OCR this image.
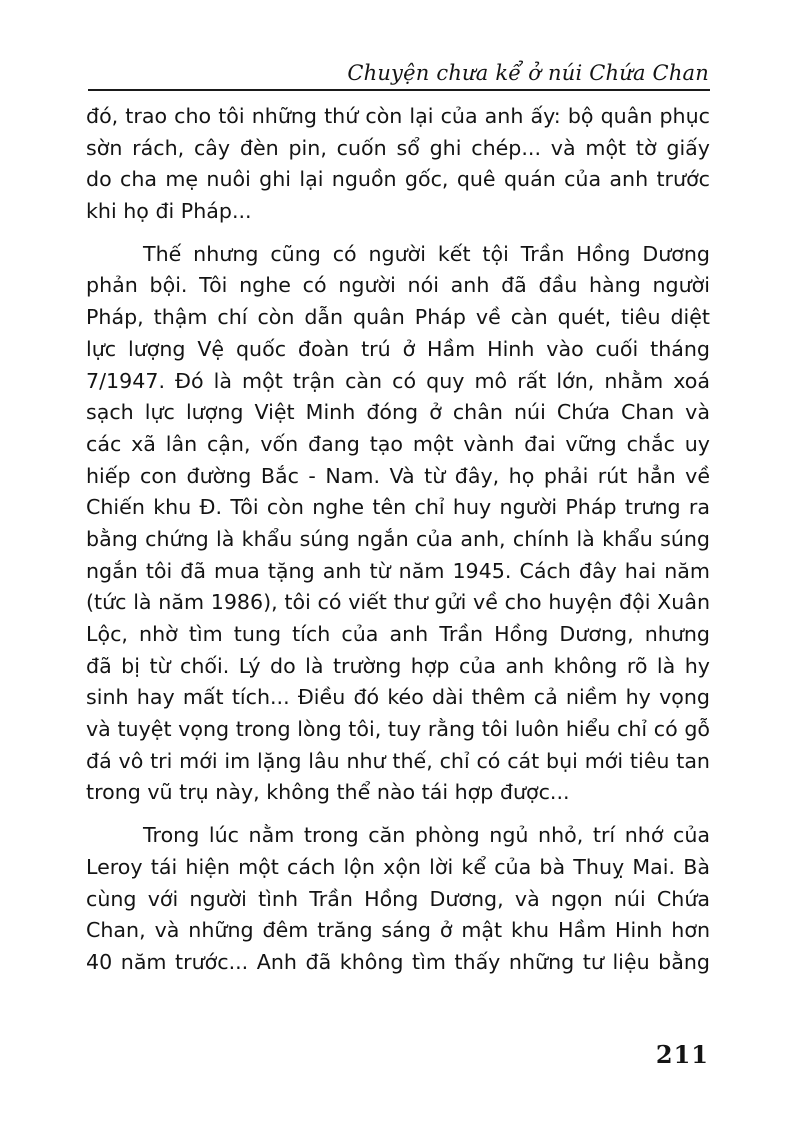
Chuyện chưa kể ở núi Chứa Chan
đó, trao cho tôi những thứ còn lại của anh ấy: bộ quân phục
sờn rách, cây đèn pin, cuốn sổ ghi chép... và một tờ giấy
do cha mẹ nuôi ghi lại nguồn gốc, quê quán của anh trước
khi họ đi Pháp...
Thế nhưng cũng có người kết tội Trần Hồng Dương
phản bội. Tôi nghe có người nói anh đã đầu hàng người
Pháp, thậm chí còn dẫn quân Pháp về càn quét, tiêu diệt
lực lượng Vệ quốc đoàn trú ở Hầm Hinh vào cuối tháng
7/1947. Đó là một trận càn có quy mô rất lớn, nhằm xoá
sạch lực lượng Việt Minh đóng ở chân núi Chứa Chan và
các xã lân cận, vốn đang tạo một vành đai vững chắc uy
hiếp con đường Bắc - Nam. Và từ đây, họ phải rút hẳn về
Chiến khu Đ. Tôi còn nghe tên chỉ huy người Pháp trưng ra
bằng chứng là khẩu súng ngắn của anh, chính là khẩu súng
ngắn tôi đã mua tặng anh từ năm 1945. Cách đây hai năm
(tức là năm 1986), tôi có viết thư gửi về cho huyện đội Xuân
Lộc, nhờ tìm tung tích của anh Trần Hồng Dương, nhưng
đã bị từ chối. Lý do là trường hợp của anh không rõ là hy
sinh hay mất tích... Điều đó kéo dài thêm cả niềm hy vọng
và tuyệt vọng trong lòng tôi, tuy rằng tôi luôn hiểu chỉ có gỗ
đá vô tri mới im lặng lâu như thế, chỉ có cát bụi mới tiêu tan
trong vũ trụ này, không thể nào tái hợp được...
Trong lúc nằm trong căn phòng ngủ nhỏ, trí nhớ của
Leroy tái hiện một cách lộn xộn lời kể của bà Thuỵ Mai. Bà
cùng với người tình Trần Hồng Dương, và ngọn núi Chứa
Chan, và những đêm trăng sáng ở mật khu Hầm Hinh hơn
40 năm trước... Anh đã không tìm thấy những tư liệu bằng
211
